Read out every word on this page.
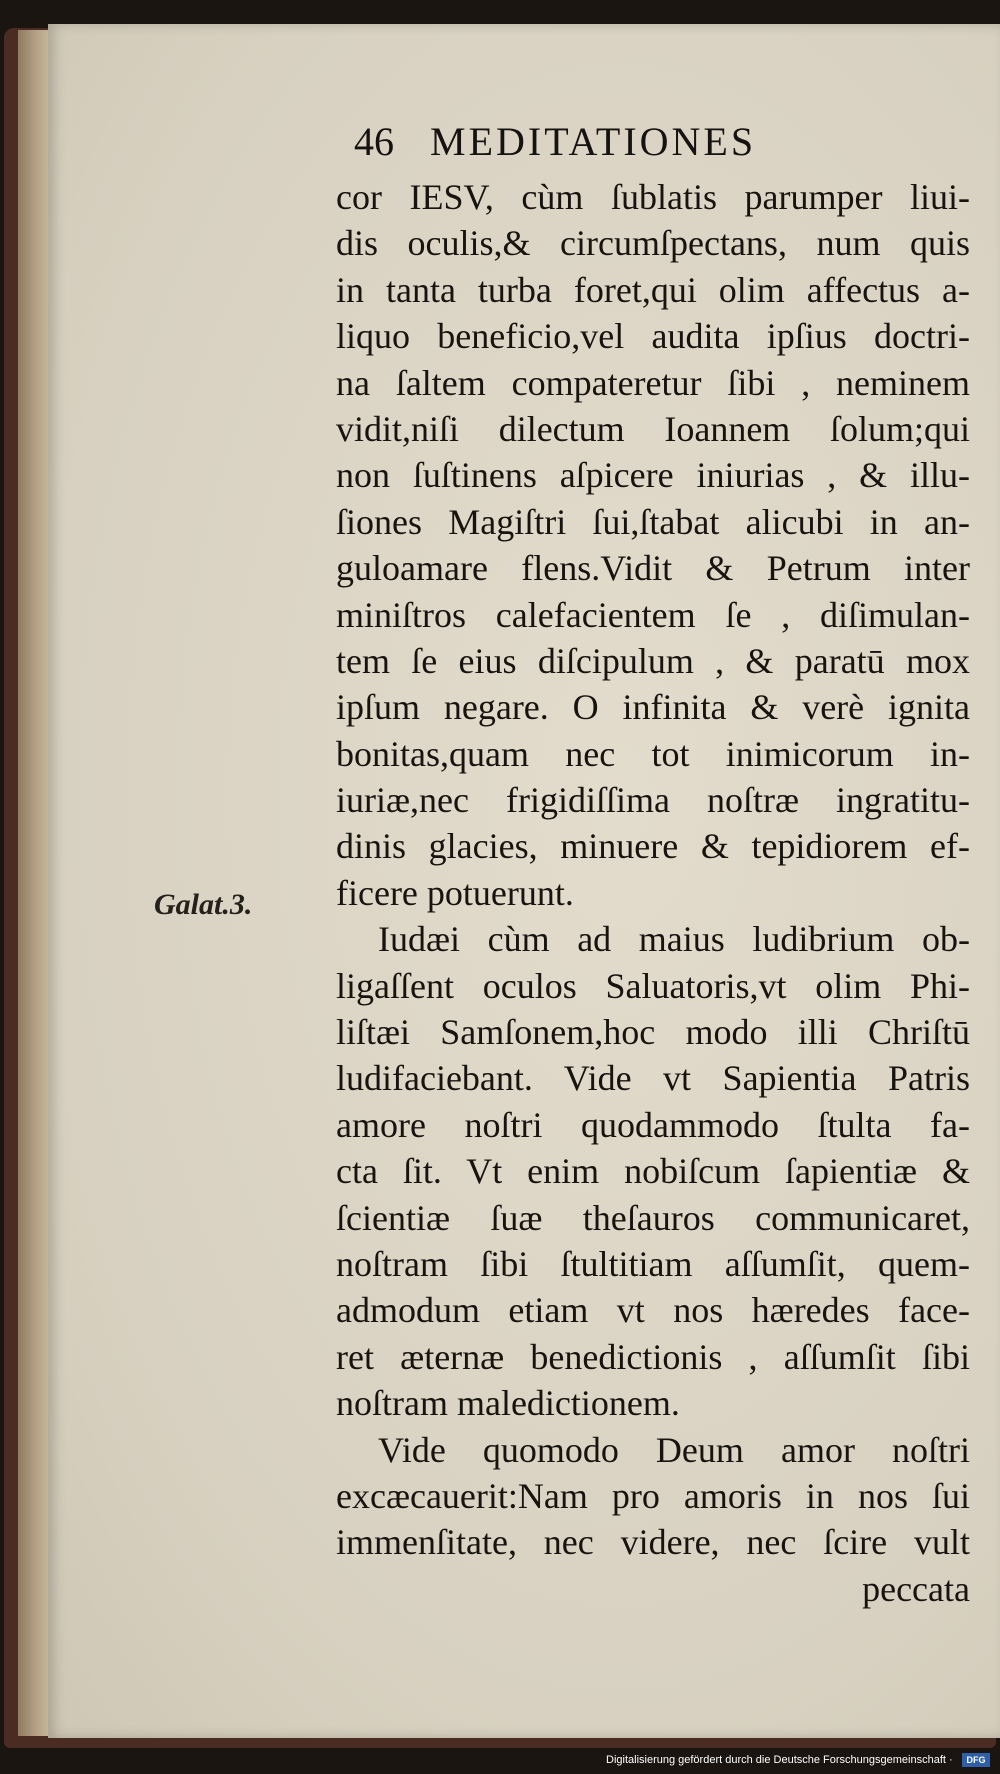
46 MEDITATIONES
Galat.3.
cor IESV, cùm ſublatis parumper liui-
dis oculis,& circumſpectans, num quis
in tanta turba foret,qui olim affectus a-
liquo beneficio,vel audita ipſius doctri-
na ſaltem compateretur ſibi , neminem
vidit,niſi dilectum Ioannem ſolum;qui
non ſuſtinens aſpicere iniurias , & illu-
ſiones Magiſtri ſui,ſtabat alicubi in an-
guloamare flens.Vidit & Petrum inter
miniſtros calefacientem ſe , diſimulan-
tem ſe eius diſcipulum , & paratū mox
ipſum negare. O infinita & verè ignita
bonitas,quam nec tot inimicorum in-
iuriæ,nec frigidiſſima noſtræ ingratitu-
dinis glacies, minuere & tepidiorem ef-
ficere potuerunt.
Iudæi cùm ad maius ludibrium ob-
ligaſſent oculos Saluatoris,vt olim Phi-
liſtæi Samſonem,hoc modo illi Chriſtū
ludifaciebant. Vide vt Sapientia Patris
amore noſtri quodammodo ſtulta fa-
cta ſit. Vt enim nobiſcum ſapientiæ &
ſcientiæ ſuæ theſauros communicaret,
noſtram ſibi ſtultitiam aſſumſit, quem-
admodum etiam vt nos hæredes face-
ret æternæ benedictionis , aſſumſit ſibi
noſtram maledictionem.
Vide quomodo Deum amor noſtri
excæcauerit:Nam pro amoris in nos ſui
immenſitate, nec videre, nec ſcire vult
peccata
Digitalisierung gefördert durch die Deutsche Forschungsgemeinschaft ·	DFG
